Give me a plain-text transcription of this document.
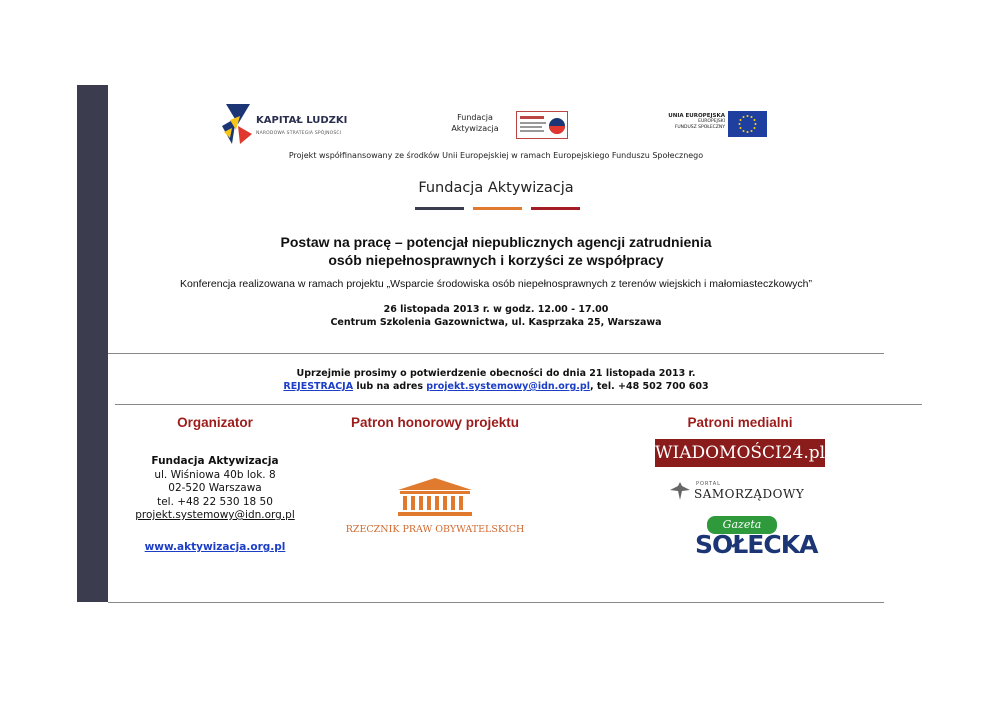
KAPITAŁ LUDZKI
NARODOWA STRATEGIA SPÓJNOŚCI
Fundacja
Aktywizacja
UNIA EUROPEJSKA
EUROPEJSKI
FUNDUSZ SPOŁECZNY
Projekt współfinansowany ze środków Unii Europejskiej w ramach Europejskiego Funduszu Społecznego
Fundacja Aktywizacja
Postaw na pracę – potencjał niepublicznych agencji zatrudnienia
osób niepełnosprawnych i korzyści ze współpracy
Konferencja realizowana w ramach projektu „Wsparcie środowiska osób niepełnosprawnych z terenów wiejskich i małomiasteczkowych”
26 listopada 2013 r. w godz. 12.00 - 17.00
Centrum Szkolenia Gazownictwa, ul. Kasprzaka 25, Warszawa
Uprzejmie prosimy o potwierdzenie obecności do dnia 21 listopada 2013 r.
REJESTRACJA lub na adres projekt.systemowy@idn.org.pl, tel. +48 502 700 603
Organizator	Patron honorowy projektu	Patroni medialni
Fundacja Aktywizacja
ul. Wiśniowa 40b lok. 8
02-520 Warszawa
tel. +48 22 530 18 50
projekt.systemowy@idn.org.pl
www.aktywizacja.org.pl
RZECZNIK PRAW OBYWATELSKICH
WIADOMOŚCI24.pl
PORTAL
SAMORZĄDOWY
Gazeta
SOŁECKA
